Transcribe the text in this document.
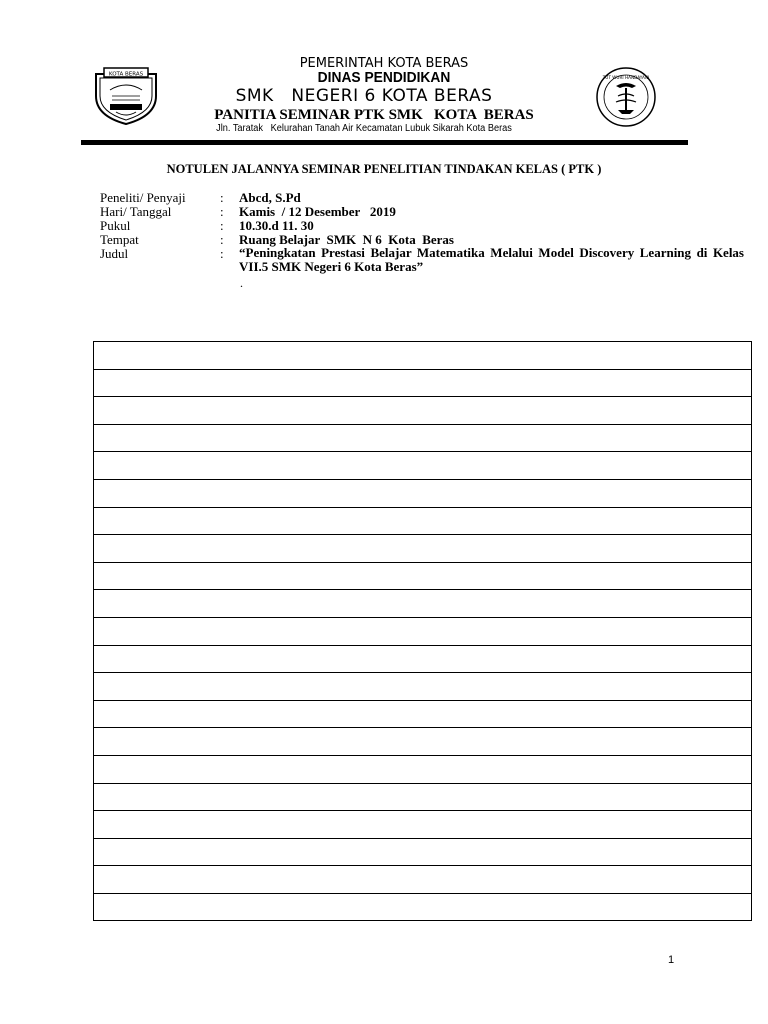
KOTA BERAS	TUT WURI HANDAYANI
PEMERINTAH KOTA BERAS
DINAS PENDIDIKAN
SMK   NEGERI 6 KOTA BERAS
PANITIA SEMINAR PTK SMK   KOTA  BERAS
Jln. Taratak   Kelurahan Tanah Air Kecamatan Lubuk Sikarah Kota Beras
NOTULEN JALANNYA SEMINAR PENELITIAN TINDAKAN KELAS ( PTK )
Peneliti/ Penyaji	: Abcd, S.Pd
Hari/ Tanggal	: Kamis  / 12 Desember   2019
Pukul	: 10.30.d 11. 30
Tempat	: Ruang Belajar  SMK  N 6  Kota  Beras
Judul	: “Peningkatan Prestasi Belajar Matematika Melalui Model Discovery Learning di Kelas VII.5 SMK Negeri 6 Kota Beras”
.

1
